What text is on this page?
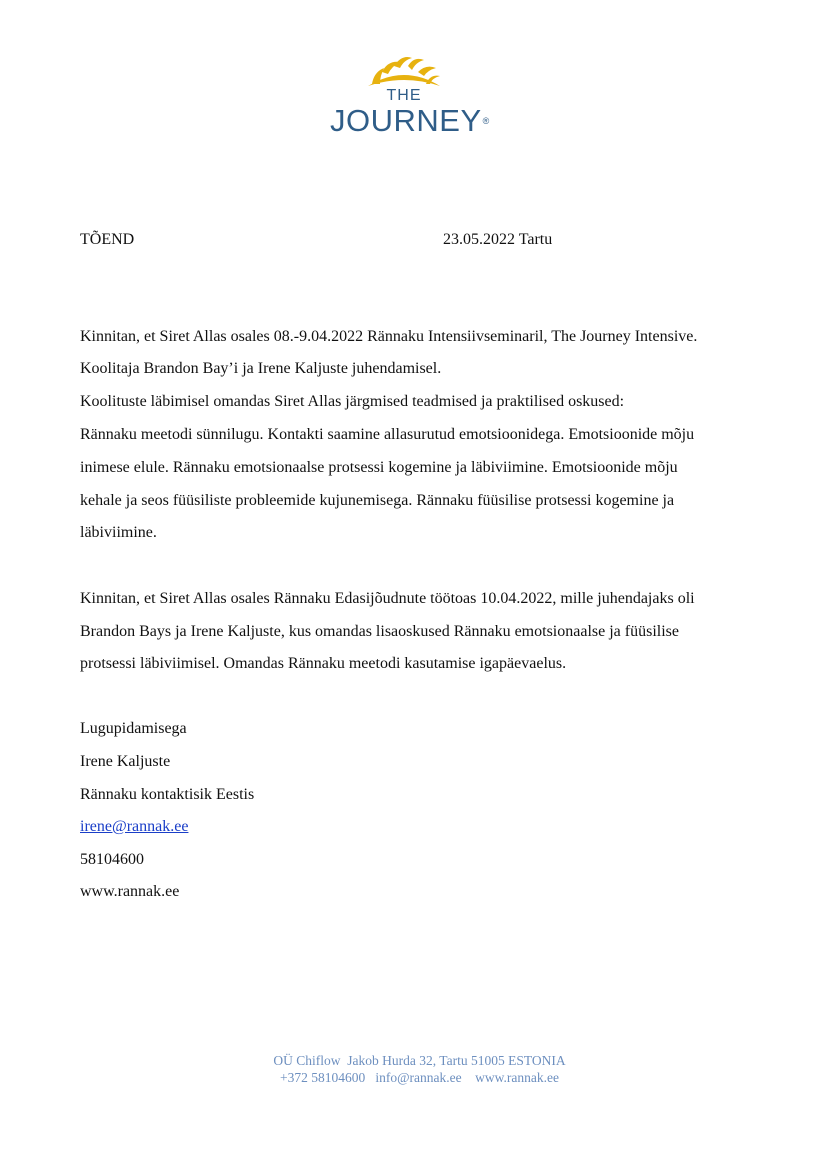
THE
JOURNEY®
TÕEND	23.05.2022 Tartu
Kinnitan, et Siret Allas osales 08.-9.04.2022 Rännaku Intensiivseminaril, The Journey Intensive.
Koolitaja Brandon Bay’i ja Irene Kaljuste juhendamisel.
Koolituste läbimisel omandas Siret Allas järgmised teadmised ja praktilised oskused:
Rännaku meetodi sünnilugu. Kontakti saamine allasurutud emotsioonidega. Emotsioonide mõju
inimese elule. Rännaku emotsionaalse protsessi kogemine ja läbiviimine. Emotsioonide mõju
kehale ja seos füüsiliste probleemide kujunemisega. Rännaku füüsilise protsessi kogemine ja
läbiviimine.
Kinnitan, et Siret Allas osales Rännaku Edasijõudnute töötoas 10.04.2022, mille juhendajaks oli
Brandon Bays ja Irene Kaljuste, kus omandas lisaoskused Rännaku emotsionaalse ja füüsilise
protsessi läbiviimisel. Omandas Rännaku meetodi kasutamise igapäevaelus.
Lugupidamisega
Irene Kaljuste
Rännaku kontaktisik Eestis
irene@rannak.ee
58104600
www.rannak.ee
OÜ Chiflow  Jakob Hurda 32, Tartu 51005 ESTONIA
+372 58104600   info@rannak.ee    www.rannak.ee
